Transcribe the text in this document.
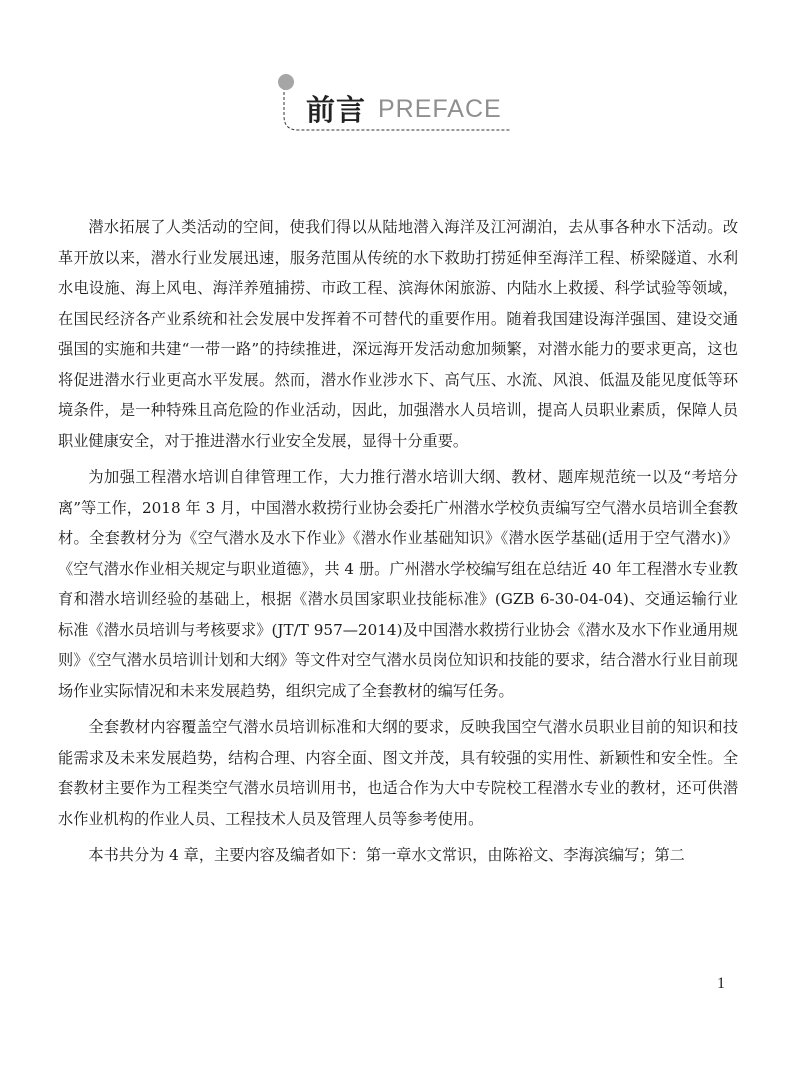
前言 PREFACE

潜水拓展了人类活动的空间，使我们得以从陆地潜入海洋及江河湖泊，去从事各种水下活动。改革开放以来，潜水行业发展迅速，服务范围从传统的水下救助打捞延伸至海洋工程、桥梁隧道、水利水电设施、海上风电、海洋养殖捕捞、市政工程、滨海休闲旅游、内陆水上救援、科学试验等领域，在国民经济各产业系统和社会发展中发挥着不可替代的重要作用。随着我国建设海洋强国、建设交通强国的实施和共建“一带一路”的持续推进，深远海开发活动愈加频繁，对潜水能力的要求更高，这也将促进潜水行业更高水平发展。然而，潜水作业涉水下、高气压、水流、风浪、低温及能见度低等环境条件，是一种特殊且高危险的作业活动，因此，加强潜水人员培训，提高人员职业素质，保障人员职业健康安全，对于推进潜水行业安全发展，显得十分重要。

为加强工程潜水培训自律管理工作，大力推行潜水培训大纲、教材、题库规范统一以及“考培分离”等工作，2018 年 3 月，中国潜水救捞行业协会委托广州潜水学校负责编写空气潜水员培训全套教材。全套教材分为《空气潜水及水下作业》《潜水作业基础知识》《潜水医学基础(适用于空气潜水)》《空气潜水作业相关规定与职业道德》，共 4 册。广州潜水学校编写组在总结近 40 年工程潜水专业教育和潜水培训经验的基础上，根据《潜水员国家职业技能标准》(GZB 6-30-04-04)、交通运输行业标准《潜水员培训与考核要求》(JT/T 957—2014)及中国潜水救捞行业协会《潜水及水下作业通用规则》《空气潜水员培训计划和大纲》等文件对空气潜水员岗位知识和技能的要求，结合潜水行业目前现场作业实际情况和未来发展趋势，组织完成了全套教材的编写任务。

全套教材内容覆盖空气潜水员培训标准和大纲的要求，反映我国空气潜水员职业目前的知识和技能需求及未来发展趋势，结构合理、内容全面、图文并茂，具有较强的实用性、新颖性和安全性。全套教材主要作为工程类空气潜水员培训用书，也适合作为大中专院校工程潜水专业的教材，还可供潜水作业机构的作业人员、工程技术人员及管理人员等参考使用。

本书共分为 4 章，主要内容及编者如下：第一章水文常识，由陈裕文、李海滨编写；第二

1
